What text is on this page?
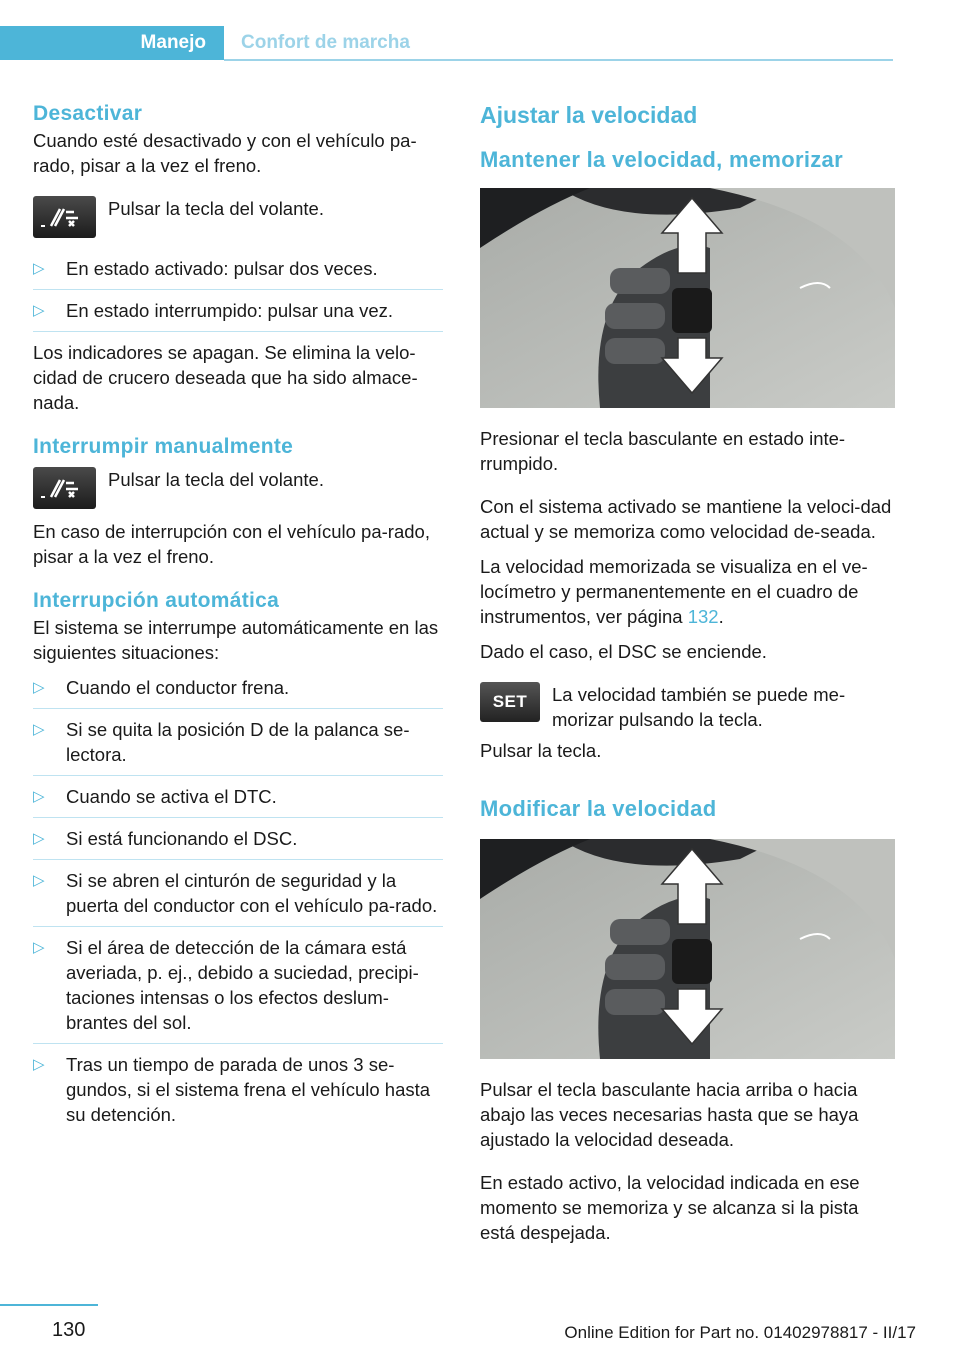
Manejo	Confort de marcha
Desactivar

Cuando esté desactivado y con el vehículo pa-rado, pisar a la vez el freno.

Pulsar la tecla del volante.

▷ En estado activado: pulsar dos veces.
▷ En estado interrumpido: pulsar una vez.

Los indicadores se apagan. Se elimina la velo-cidad de crucero deseada que ha sido almace-nada.

Interrumpir manualmente

Pulsar la tecla del volante.

En caso de interrupción con el vehículo pa-rado, pisar a la vez el freno.

Interrupción automática

El sistema se interrumpe automáticamente en las siguientes situaciones:

▷ Cuando el conductor frena.
▷ Si se quita la posición D de la palanca se-lectora.
▷ Cuando se activa el DTC.
▷ Si está funcionando el DSC.
▷ Si se abren el cinturón de seguridad y la puerta del conductor con el vehículo pa-rado.
▷ Si el área de detección de la cámara está averiada, p. ej., debido a suciedad, precipi-taciones intensas o los efectos deslum-brantes del sol.
▷ Tras un tiempo de parada de unos 3 se-gundos, si el sistema frena el vehículo hasta su detención.
Ajustar la velocidad
Mantener la velocidad, memorizar

Presionar el tecla basculante en estado inte-rrumpido.

Con el sistema activado se mantiene la veloci-dad actual y se memoriza como velocidad de-seada.

La velocidad memorizada se visualiza en el ve-locímetro y permanentemente en el cuadro de instrumentos, ver página 132.

Dado el caso, el DSC se enciende.

SET	La velocidad también se puede me-morizar pulsando la tecla.

Pulsar la tecla.

Modificar la velocidad

Pulsar el tecla basculante hacia arriba o hacia abajo las veces necesarias hasta que se haya ajustado la velocidad deseada.

En estado activo, la velocidad indicada en ese momento se memoriza y se alcanza si la pista está despejada.

130	Online Edition for Part no. 01402978817 - II/17
